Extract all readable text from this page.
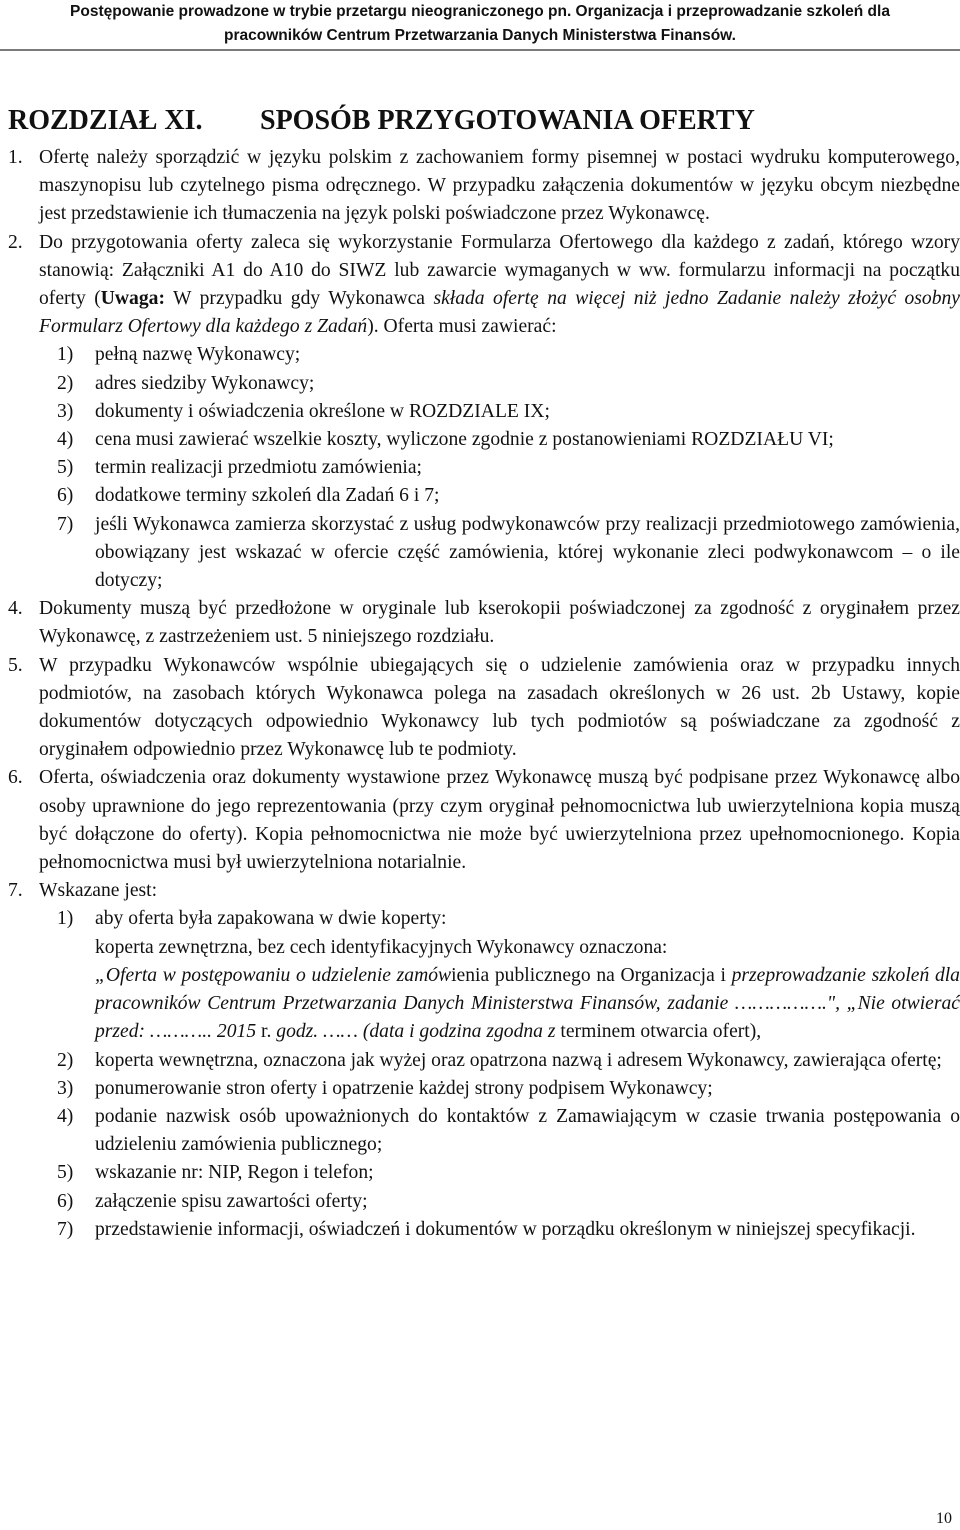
Postępowanie prowadzone w trybie przetargu nieograniczonego pn. Organizacja i przeprowadzanie szkoleń dla
pracowników Centrum Przetwarzania Danych Ministerstwa Finansów.
ROZDZIAŁ XI. SPOSÓB PRZYGOTOWANIA OFERTY
1. Ofertę należy sporządzić w języku polskim z zachowaniem formy pisemnej w postaci wydruku komputerowego, maszynopisu lub czytelnego pisma odręcznego. W przypadku załączenia dokumentów w języku obcym niezbędne jest przedstawienie ich tłumaczenia na język polski poświadczone przez Wykonawcę.
2. Do przygotowania oferty zaleca się wykorzystanie Formularza Ofertowego dla każdego z zadań, którego wzory stanowią: Załączniki A1 do A10 do SIWZ lub zawarcie wymaganych w ww. formularzu informacji na początku oferty (Uwaga: W przypadku gdy Wykonawca składa ofertę na więcej niż jedno Zadanie należy złożyć osobny Formularz Ofertowy dla każdego z Zadań). Oferta musi zawierać:
1) pełną nazwę Wykonawcy;
2) adres siedziby Wykonawcy;
3) dokumenty i oświadczenia określone w ROZDZIALE IX;
4) cena musi zawierać wszelkie koszty, wyliczone zgodnie z postanowieniami ROZDZIAŁU VI;
5) termin realizacji przedmiotu zamówienia;
6) dodatkowe terminy szkoleń dla Zadań 6 i 7;
7) jeśli Wykonawca zamierza skorzystać z usług podwykonawców przy realizacji przedmiotowego zamówienia, obowiązany jest wskazać w ofercie część zamówienia, której wykonanie zleci podwykonawcom – o ile dotyczy;
4. Dokumenty muszą być przedłożone w oryginale lub kserokopii poświadczonej za zgodność z oryginałem przez Wykonawcę, z zastrzeżeniem ust. 5 niniejszego rozdziału.
5. W przypadku Wykonawców wspólnie ubiegających się o udzielenie zamówienia oraz w przypadku innych podmiotów, na zasobach których Wykonawca polega na zasadach określonych w 26 ust. 2b Ustawy, kopie dokumentów dotyczących odpowiednio Wykonawcy lub tych podmiotów są poświadczane za zgodność z oryginałem odpowiednio przez Wykonawcę lub te podmioty.
6. Oferta, oświadczenia oraz dokumenty wystawione przez Wykonawcę muszą być podpisane przez Wykonawcę albo osoby uprawnione do jego reprezentowania (przy czym oryginał pełnomocnictwa lub uwierzytelniona kopia muszą być dołączone do oferty). Kopia pełnomocnictwa nie może być uwierzytelniona przez upełnomocnionego. Kopia pełnomocnictwa musi był uwierzytelniona notarialnie.
7. Wskazane jest:
1) aby oferta była zapakowana w dwie koperty:
koperta zewnętrzna, bez cech identyfikacyjnych Wykonawcy oznaczona:
„Oferta w postępowaniu o udzielenie zamówienia publicznego na Organizacja i przeprowadzanie szkoleń dla pracowników Centrum Przetwarzania Danych Ministerstwa Finansów, zadanie …………….", „Nie otwierać przed: ……….. 2015 r. godz. …… (data i godzina zgodna z terminem otwarcia ofert),
2) koperta wewnętrzna, oznaczona jak wyżej oraz opatrzona nazwą i adresem Wykonawcy, zawierająca ofertę;
3) ponumerowanie stron oferty i opatrzenie każdej strony podpisem Wykonawcy;
4) podanie nazwisk osób upoważnionych do kontaktów z Zamawiającym w czasie trwania postępowania o udzieleniu zamówienia publicznego;
5) wskazanie nr: NIP, Regon i telefon;
6) załączenie spisu zawartości oferty;
7) przedstawienie informacji, oświadczeń i dokumentów w porządku określonym w niniejszej specyfikacji.
10
